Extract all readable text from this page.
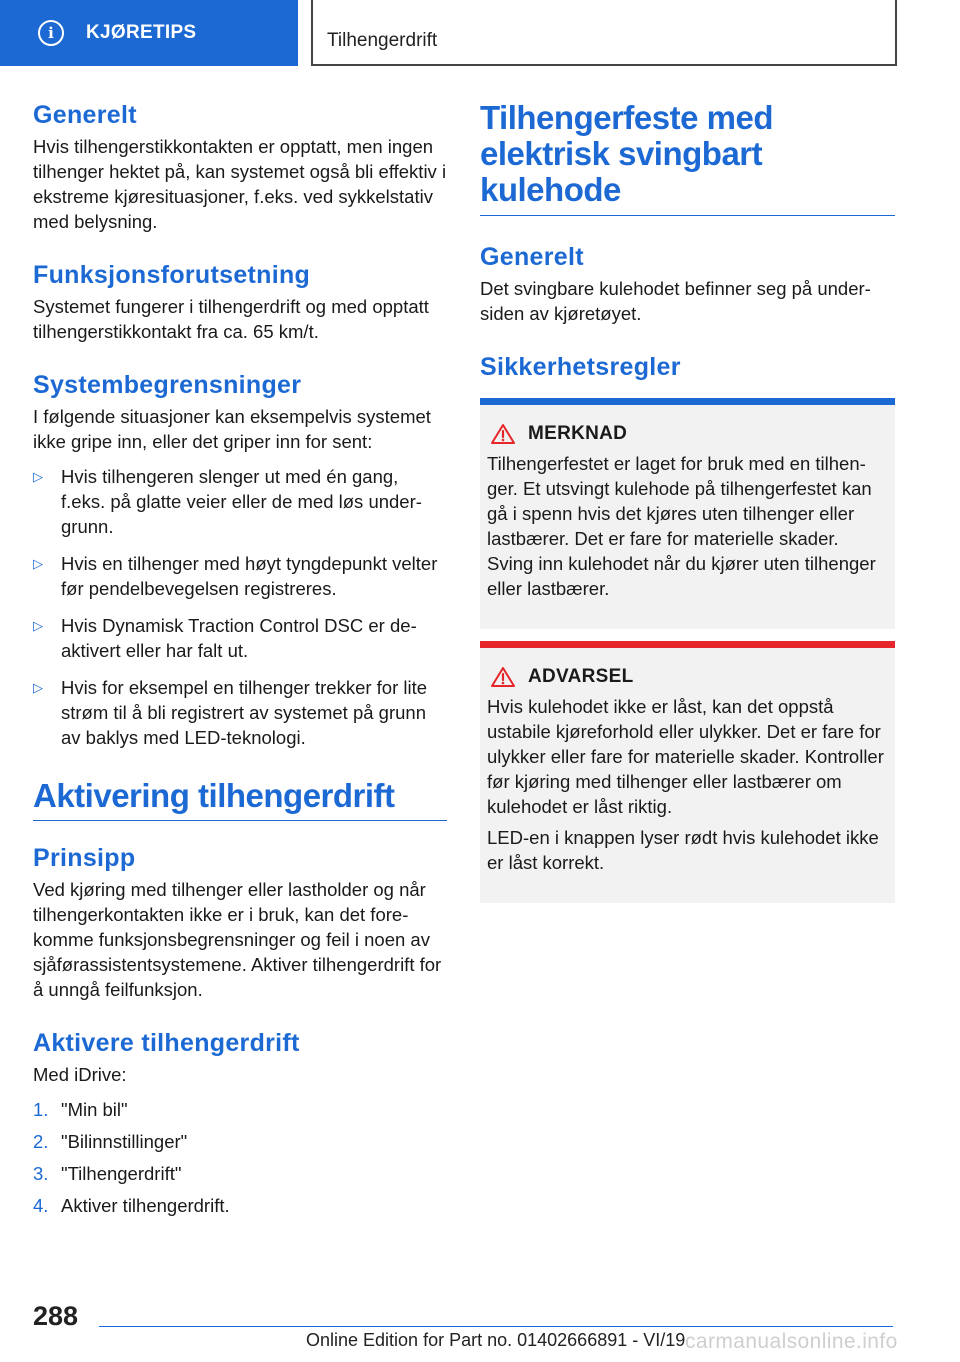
i	KJØRETIPS	Tilhengerdrift
Generelt

Hvis tilhengerstikkontakten er opptatt, men ingen tilhenger hektet på, kan systemet også bli effektiv i ekstreme kjøresituasjoner, f.eks. ved sykkelstativ med belysning.

Funksjonsforutsetning

Systemet fungerer i tilhengerdrift og med opptatt tilhengerstikkontakt fra ca. 65 km/t.

Systembegrensninger

I følgende situasjoner kan eksempelvis systemet ikke gripe inn, eller det griper inn for sent:

▷ Hvis tilhengeren slenger ut med én gang, f.eks. på glatte veier eller de med løs undergrunn.
▷ Hvis en tilhenger med høyt tyngdepunkt velter før pendelbevegelsen registreres.
▷ Hvis Dynamisk Traction Control DSC er deaktivert eller har falt ut.
▷ Hvis for eksempel en tilhenger trekker for lite strøm til å bli registrert av systemet på grunn av baklys med LED-teknologi.
Aktivering tilhengerdrift
Prinsipp

Ved kjøring med tilhenger eller lastholder og når tilhengerkontakten ikke er i bruk, kan det forekomme funksjonsbegrensninger og feil i noen av sjåførassistentsystemene. Aktiver tilhengerdrift for å unngå feilfunksjon.

Aktivere tilhengerdrift

Med iDrive:

1. "Min bil"
2. "Bilinnstillinger"
3. "Tilhengerdrift"
4. Aktiver tilhengerdrift.
Tilhengerfeste med elektrisk svingbart kulehode
Generelt

Det svingbare kulehodet befinner seg på undersiden av kjøretøyet.

Sikkerhetsregler
MERKNAD

Tilhengerfestet er laget for bruk med en tilhenger. Et utsvingt kulehode på tilhengerfestet kan gå i spenn hvis det kjøres uten tilhenger eller lastbærer. Det er fare for materielle skader. Sving inn kulehodet når du kjører uten tilhenger eller lastbærer.

ADVARSEL

Hvis kulehodet ikke er låst, kan det oppstå ustabile kjøreforhold eller ulykker. Det er fare for ulykker eller fare for materielle skader. Kontroller før kjøring med tilhenger eller lastbærer om kulehodet er låst riktig.

LED-en i knappen lyser rødt hvis kulehodet ikke er låst korrekt.

288
Online Edition for Part no. 01402666891 - VI/19 carmanualsonline.info
